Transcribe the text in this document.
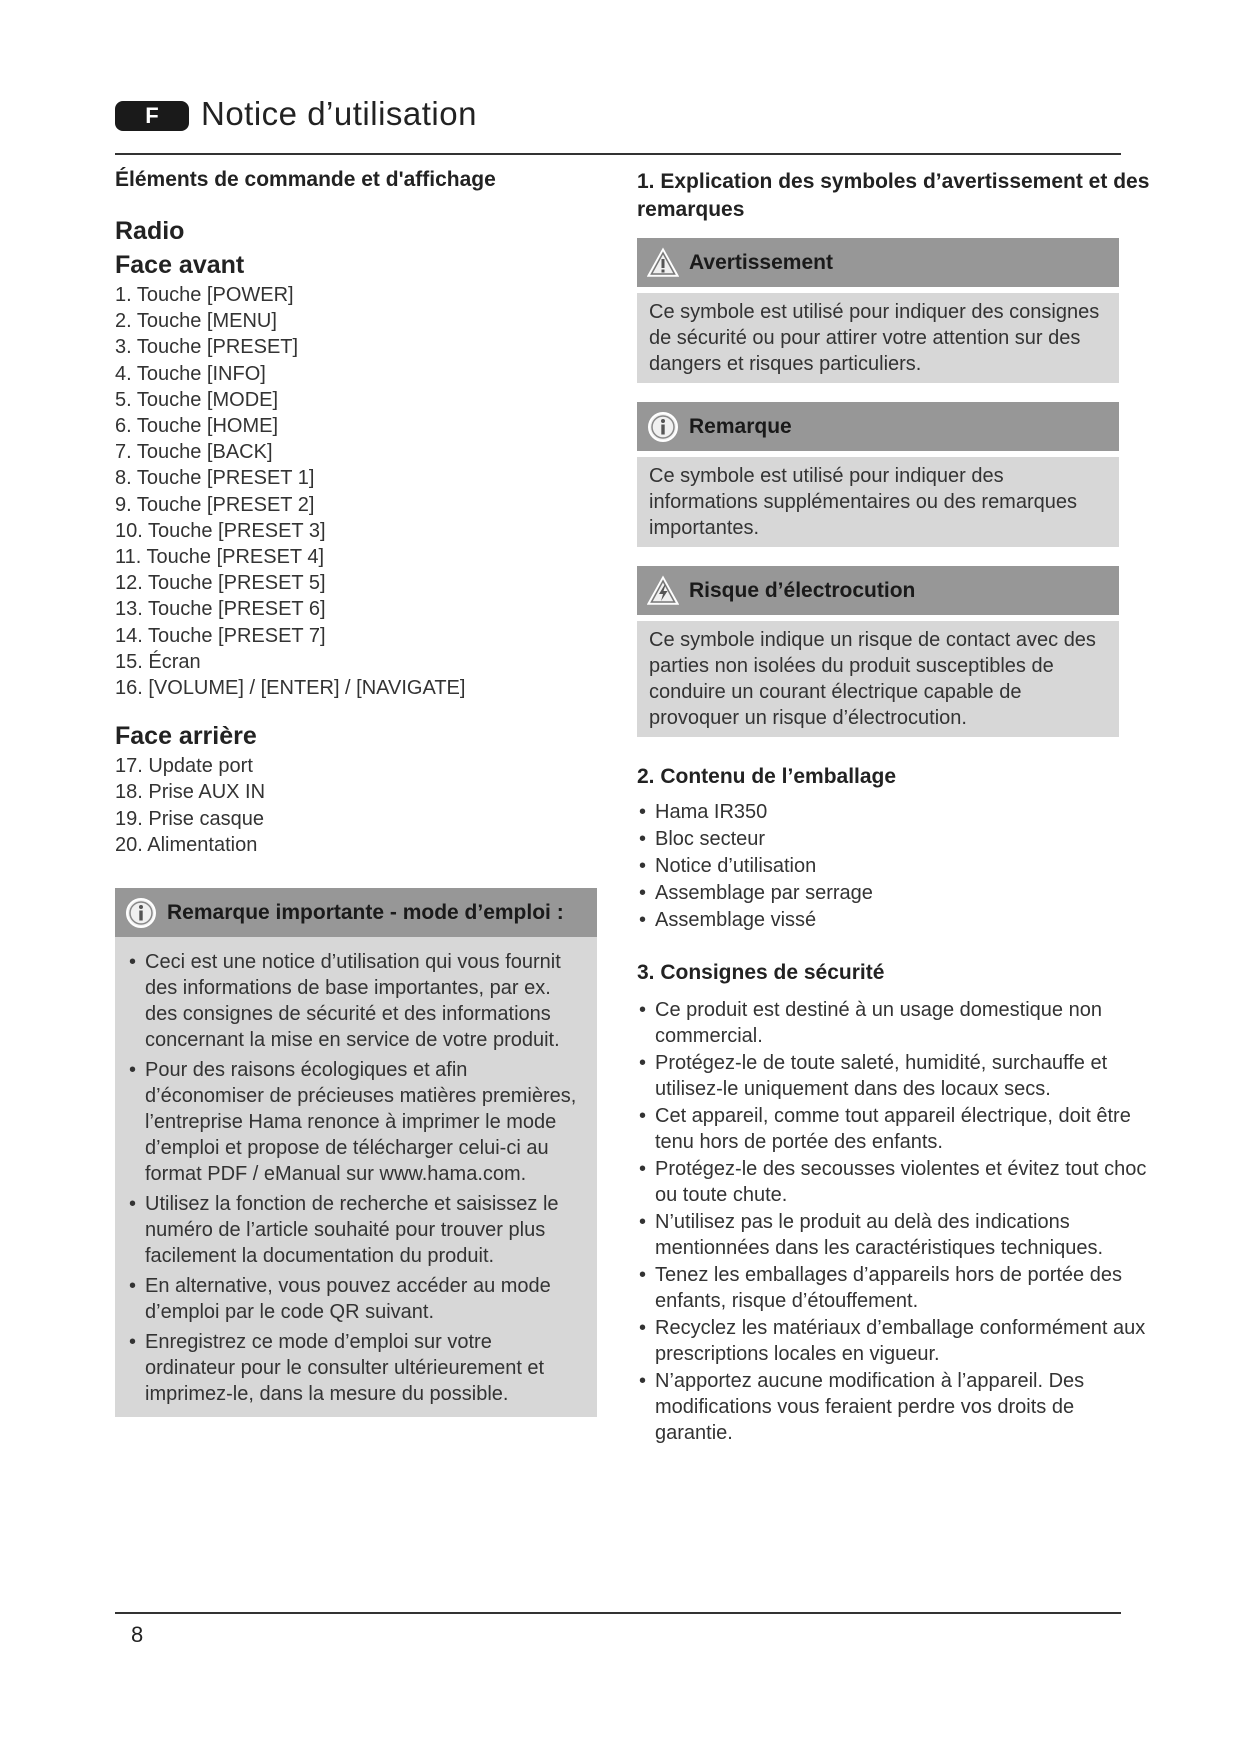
F	Notice d’utilisation
Éléments de commande et d'affichage
Radio
Face avant
1. Touche [POWER]
2. Touche [MENU]
3. Touche [PRESET]
4. Touche [INFO]
5. Touche [MODE]
6. Touche [HOME]
7. Touche [BACK]
8. Touche [PRESET 1]
9. Touche [PRESET 2]
10. Touche [PRESET 3]
11. Touche [PRESET 4]
12. Touche [PRESET 5]
13. Touche [PRESET 6]
14. Touche [PRESET 7]
15. Écran
16. [VOLUME] / [ENTER] / [NAVIGATE]
Face arrière
17. Update port
18. Prise AUX IN
19. Prise casque
20. Alimentation
Remarque importante - mode d’emploi :
• Ceci est une notice d’utilisation qui vous fournit des informations de base importantes, par ex. des consignes de sécurité et des informations concernant la mise en service de votre produit.
• Pour des raisons écologiques et afin d’économiser de précieuses matières premières, l’entreprise Hama renonce à imprimer le mode d’emploi et propose de télécharger celui-ci au format PDF / eManual sur www.hama.com.
• Utilisez la fonction de recherche et saisissez le numéro de l’article souhaité pour trouver plus facilement la documentation du produit.
• En alternative, vous pouvez accéder au mode d’emploi par le code QR suivant.
• Enregistrez ce mode d’emploi sur votre ordinateur pour le consulter ultérieurement et imprimez-le, dans la mesure du possible.
1. Explication des symboles d’avertissement et des remarques
Avertissement
Ce symbole est utilisé pour indiquer des consignes de sécurité ou pour attirer votre attention sur des dangers et risques particuliers.
Remarque
Ce symbole est utilisé pour indiquer des informations supplémentaires ou des remarques importantes.
Risque d’électrocution
Ce symbole indique un risque de contact avec des parties non isolées du produit susceptibles de conduire un courant électrique capable de provoquer un risque d’électrocution.
2. Contenu de l’emballage
• Hama IR350
• Bloc secteur
• Notice d’utilisation
• Assemblage par serrage
• Assemblage vissé
3. Consignes de sécurité
• Ce produit est destiné à un usage domestique non commercial.
• Protégez-le de toute saleté, humidité, surchauffe et utilisez-le uniquement dans des locaux secs.
• Cet appareil, comme tout appareil électrique, doit être tenu hors de portée des enfants.
• Protégez-le des secousses violentes et évitez tout choc ou toute chute.
• N’utilisez pas le produit au delà des indications mentionnées dans les caractéristiques techniques.
• Tenez les emballages d’appareils hors de portée des enfants, risque d’étouffement.
• Recyclez les matériaux d’emballage conformément aux prescriptions locales en vigueur.
• N’apportez aucune modification à l’appareil. Des modifications vous feraient perdre vos droits de garantie.
8
